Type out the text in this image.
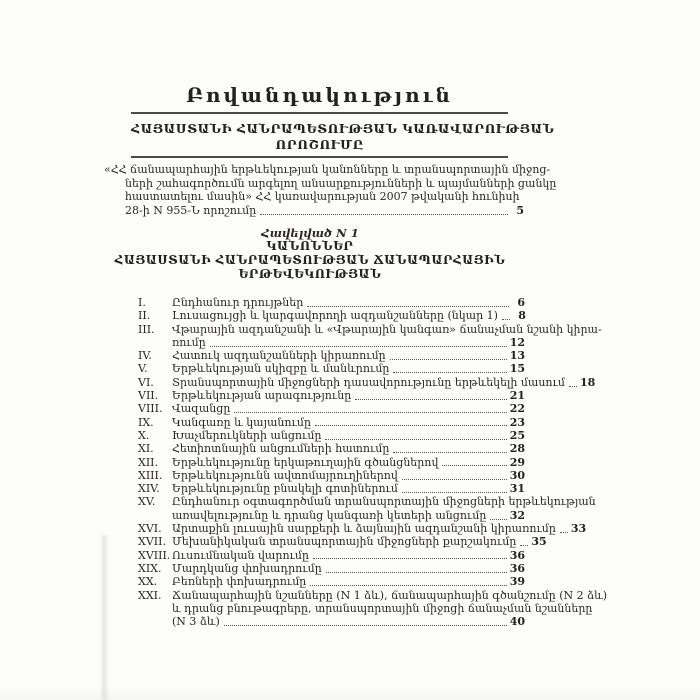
Բովանդակություն
ՀԱՅԱՍՏԱՆԻ ՀԱՆՐԱՊԵՏՈՒԹՅԱՆ ԿԱՌԱՎԱՐՈՒԹՅԱՆ
ՈՐՈՇՈՒՄԸ
«ՀՀ ճանապարհային երթևեկության կանոնները և տրանսպորտային միջոց-
ների շահագործումն արգելող անսարքությունների և պայմանների ցանկը
հաստատելու մասին» ՀՀ կառավարության 2007 թվականի հունիսի
28-ի N 955-Ն որոշումը	5
Հավելված N 1
ԿԱՆՈՆՆԵՐ
ՀԱՅԱՍՏԱՆԻ ՀԱՆՐԱՊԵՏՈՒԹՅԱՆ ՃԱՆԱՊԱՐՀԱՅԻՆ
ԵՐԹԵՎԵԿՈՒԹՅԱՆ
I.	Ընդհանուր դրույթներ	6
II.	Լուսացույցի և կարգավորողի ազդանշանները (նկար 1)	8
III.	Վթարային ազդանշանի և «Վթարային կանգառ» ճանաչման նշանի կիրա-
ռումը	12
IV.	Հատուկ ազդանշանների կիրառումը	13
V.	Երթևեկության սկիզբը և մանևրումը	15
VI.	Տրանսպորտային միջոցների դասավորությունը երթևեկելի մասում 18
VII.	Երթևեկության արագությունը	21
VIII. Վազանցը	22
IX.	Կանգառը և կայանումը	23
X.	Խաչմերուկների անցումը	25
XI.	Հետիոտնային անցումների հատումը	28
XII.	Երթևեկությունը երկաթուղային գծանցներով	29
XIII. Երթևեկությունն ավտոմայրուղիներով	30
XIV.	Երթևեկությունը բնակելի գոտիներում	31
XV.	Ընդհանուր օգտագործման տրանսպորտային միջոցների երթևեկության
առավելությունը և դրանց կանգառի կետերի անցումը 32
XVI. Արտաքին լուսային սարքերի և ձայնային ազդանշանի կիրառումը 33
XVII. Մեխանիկական տրանսպորտային միջոցների քարշակումը 35
XVIII. Ուսումնական վարումը	36
XIX. Մարդկանց փոխադրումը	36
XX.	Բեռների փոխադրումը	39
XXI. Ճանապարհային նշանները (N 1 ձև), ճանապարհային գծանշումը (N 2 ձև)
և դրանց բնութագրերը, տրանսպորտային միջոցի ճանաչման նշանները
(N 3 ձև)	40
